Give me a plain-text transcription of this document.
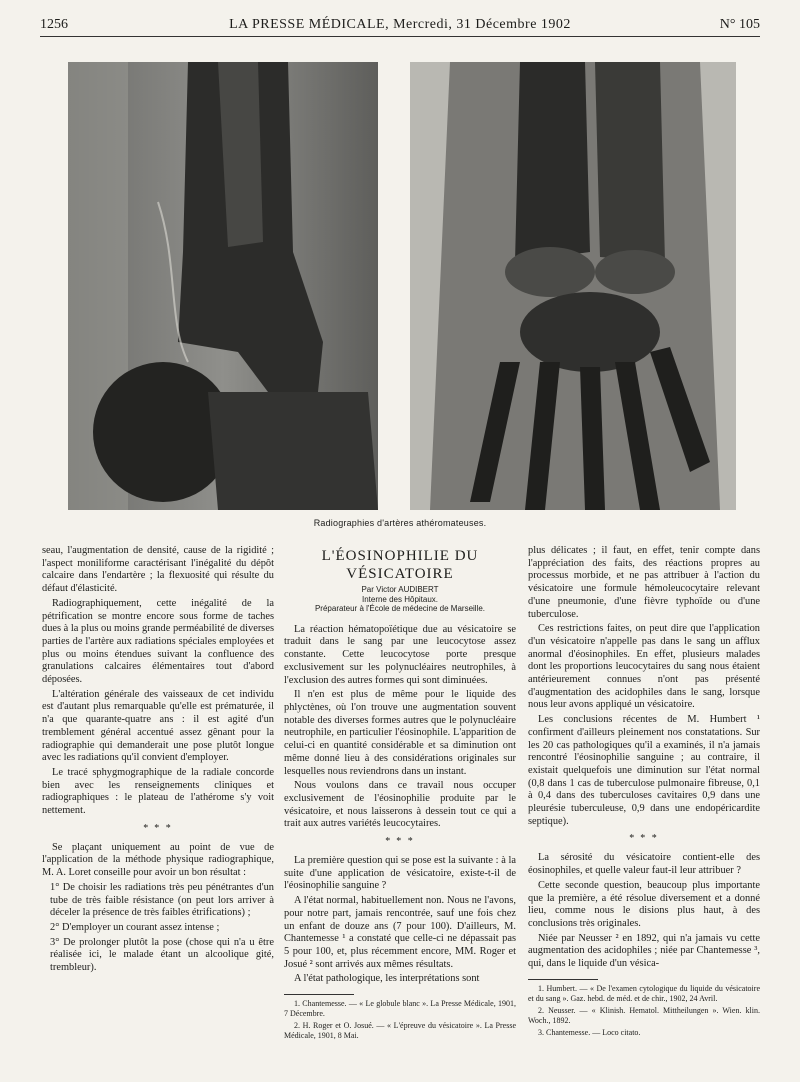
1256	LA PRESSE MÉDICALE, Mercredi, 31 Décembre 1902	N° 105
Radiographies d'artères athéromateuses.

seau, l'augmentation de densité, cause de la rigidité ; l'aspect moniliforme caractérisant l'inégalité du dépôt calcaire dans l'endartère ; la flexuosité qui résulte du défaut d'élasticité.

Radiographiquement, cette inégalité de la pétrification se montre encore sous forme de taches dues à la plus ou moins grande perméabilité de diverses parties de l'artère aux radiations spéciales employées et plus ou moins étendues suivant la confluence des granulations calcaires élémentaires tout d'abord déposées.

L'altération générale des vaisseaux de cet individu est d'autant plus remarquable qu'elle est prématurée, il n'a que quarante-quatre ans : il est agité d'un tremblement général accentué assez gênant pour la radiographie qui demanderait une pose plutôt longue avec les radiations qu'il convient d'employer.

Le tracé sphygmographique de la radiale concorde bien avec les renseignements cliniques et radiographiques : le plateau de l'athérome s'y voit nettement.

* * *

Se plaçant uniquement au point de vue de l'application de la méthode physique radiographique, M. A. Loret conseille pour avoir un bon résultat :

1° De choisir les radiations très peu pénétrantes d'un tube de très faible résistance (on peut lors arriver à déceler la présence de très faibles étrifications) ;

2° D'employer un courant assez intense ;

3° De prolonger plutôt la pose (chose qui n'a u être réalisée ici, le malade étant un alcoolique gité, trembleur).

L'ÉOSINOPHILIE DU VÉSICATOIRE
Par Victor AUDIBERT
Interne des Hôpitaux.
Préparateur à l'École de médecine de Marseille.

La réaction hématopoïétique due au vésicatoire se traduit dans le sang par une leucocytose assez constante. Cette leucocytose porte presque exclusivement sur les polynucléaires neutrophiles, à l'exclusion des autres formes qui sont diminuées.

Il n'en est plus de même pour le liquide des phlyctènes, où l'on trouve une augmentation souvent notable des diverses formes autres que le polynucléaire neutrophile, en particulier l'éosinophile. L'apparition de celui-ci en quantité considérable et sa diminution ont même donné lieu à des considérations originales sur lesquelles nous reviendrons dans un instant.

Nous voulons dans ce travail nous occuper exclusivement de l'éosinophilie produite par le vésicatoire, et nous laisserons à dessein tout ce qui a trait aux autres variétés leucocytaires.

* * *

La première question qui se pose est la suivante : à la suite d'une application de vésicatoire, existe-t-il de l'éosinophilie sanguine ?

A l'état normal, habituellement non. Nous ne l'avons, pour notre part, jamais rencontrée, sauf une fois chez un enfant de douze ans (7 pour 100). D'ailleurs, M. Chantemesse ¹ a constaté que celle-ci ne dépassait pas 5 pour 100, et, plus récemment encore, MM. Roger et Josué ² sont arrivés aux mêmes résultats.

A l'état pathologique, les interprétations sont

1. Chantemesse. — « Le globule blanc ». La Presse Médicale, 1901, 7 Décembre.

2. H. Roger et O. Josué. — « L'épreuve du vésicatoire ». La Presse Médicale, 1901, 8 Mai.

plus délicates ; il faut, en effet, tenir compte dans l'appréciation des faits, des réactions propres au processus morbide, et ne pas attribuer à l'action du vésicatoire une formule hémoleucocytaire relevant d'une pneumonie, d'une fièvre typhoïde ou d'une tuberculose.

Ces restrictions faites, on peut dire que l'application d'un vésicatoire n'appelle pas dans le sang un afflux anormal d'éosinophiles. En effet, plusieurs malades dont les proportions leucocytaires du sang nous étaient antérieurement connues n'ont pas présenté d'augmentation des acidophiles dans le sang, lorsque nous leur avons appliqué un vésicatoire.

Les conclusions récentes de M. Humbert ¹ confirment d'ailleurs pleinement nos constatations. Sur les 20 cas pathologiques qu'il a examinés, il n'a jamais rencontré l'éosinophilie sanguine ; au contraire, il existait quelquefois une diminution sur l'état normal (0,8 dans 1 cas de tuberculose pulmonaire fibreuse, 0,1 à 0,4 dans des tuberculoses cavitaires 0,9 dans une pleurésie tuberculeuse, 0,9 dans une endopéricardite septique).

* * *

La sérosité du vésicatoire contient-elle des éosinophiles, et quelle valeur faut-il leur attribuer ?

Cette seconde question, beaucoup plus importante que la première, a été résolue diversement et a donné lieu, comme nous le disions plus haut, à des conclusions très originales.

Niée par Neusser ² en 1892, qui n'a jamais vu cette augmentation des acidophiles ; niée par Chantemesse ³, qui, dans le liquide d'un vésica-

1. Humbert. — « De l'examen cytologique du liquide du vésicatoire et du sang ». Gaz. hebd. de méd. et de chir., 1902, 24 Avril.

2. Neusser. — « Klinish. Hematol. Mittheilungen ». Wien. klin. Woch., 1892.

3. Chantemesse. — Loco citato.
